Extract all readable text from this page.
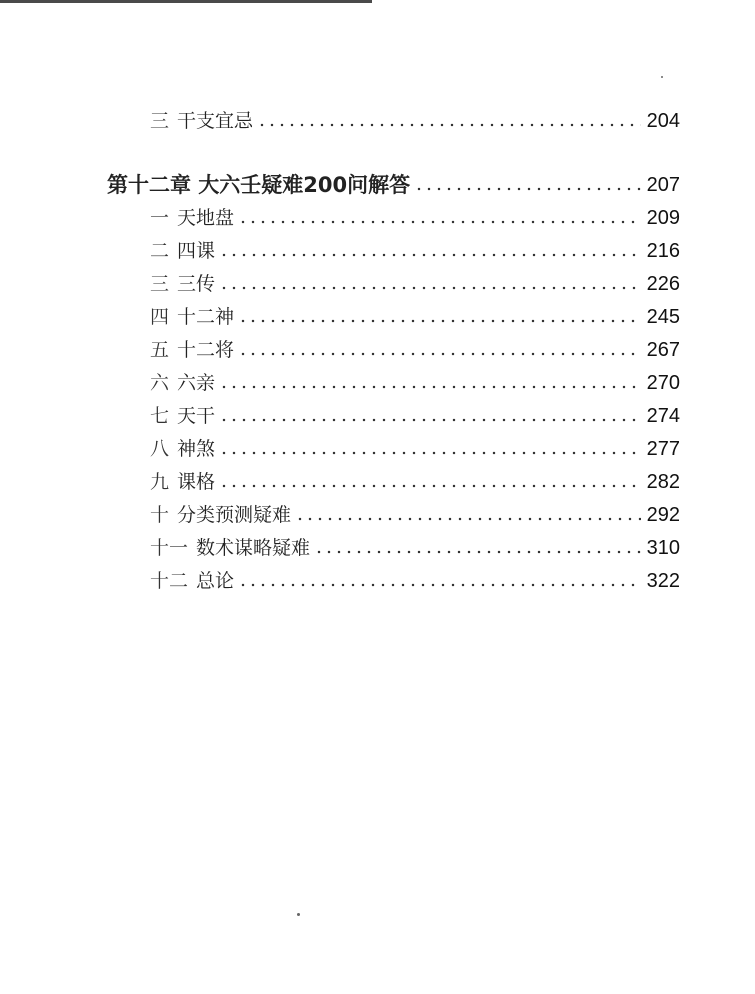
三 干支宜忌	204
第十二章 大六壬疑难200问解答	207
一 天地盘	209
二 四课	216
三 三传	226
四 十二神	245
五 十二将	267
六 六亲	270
七 天干	274
八 神煞	277
九 课格	282
十 分类预测疑难	292
十一 数术谋略疑难	310
十二 总论	322
